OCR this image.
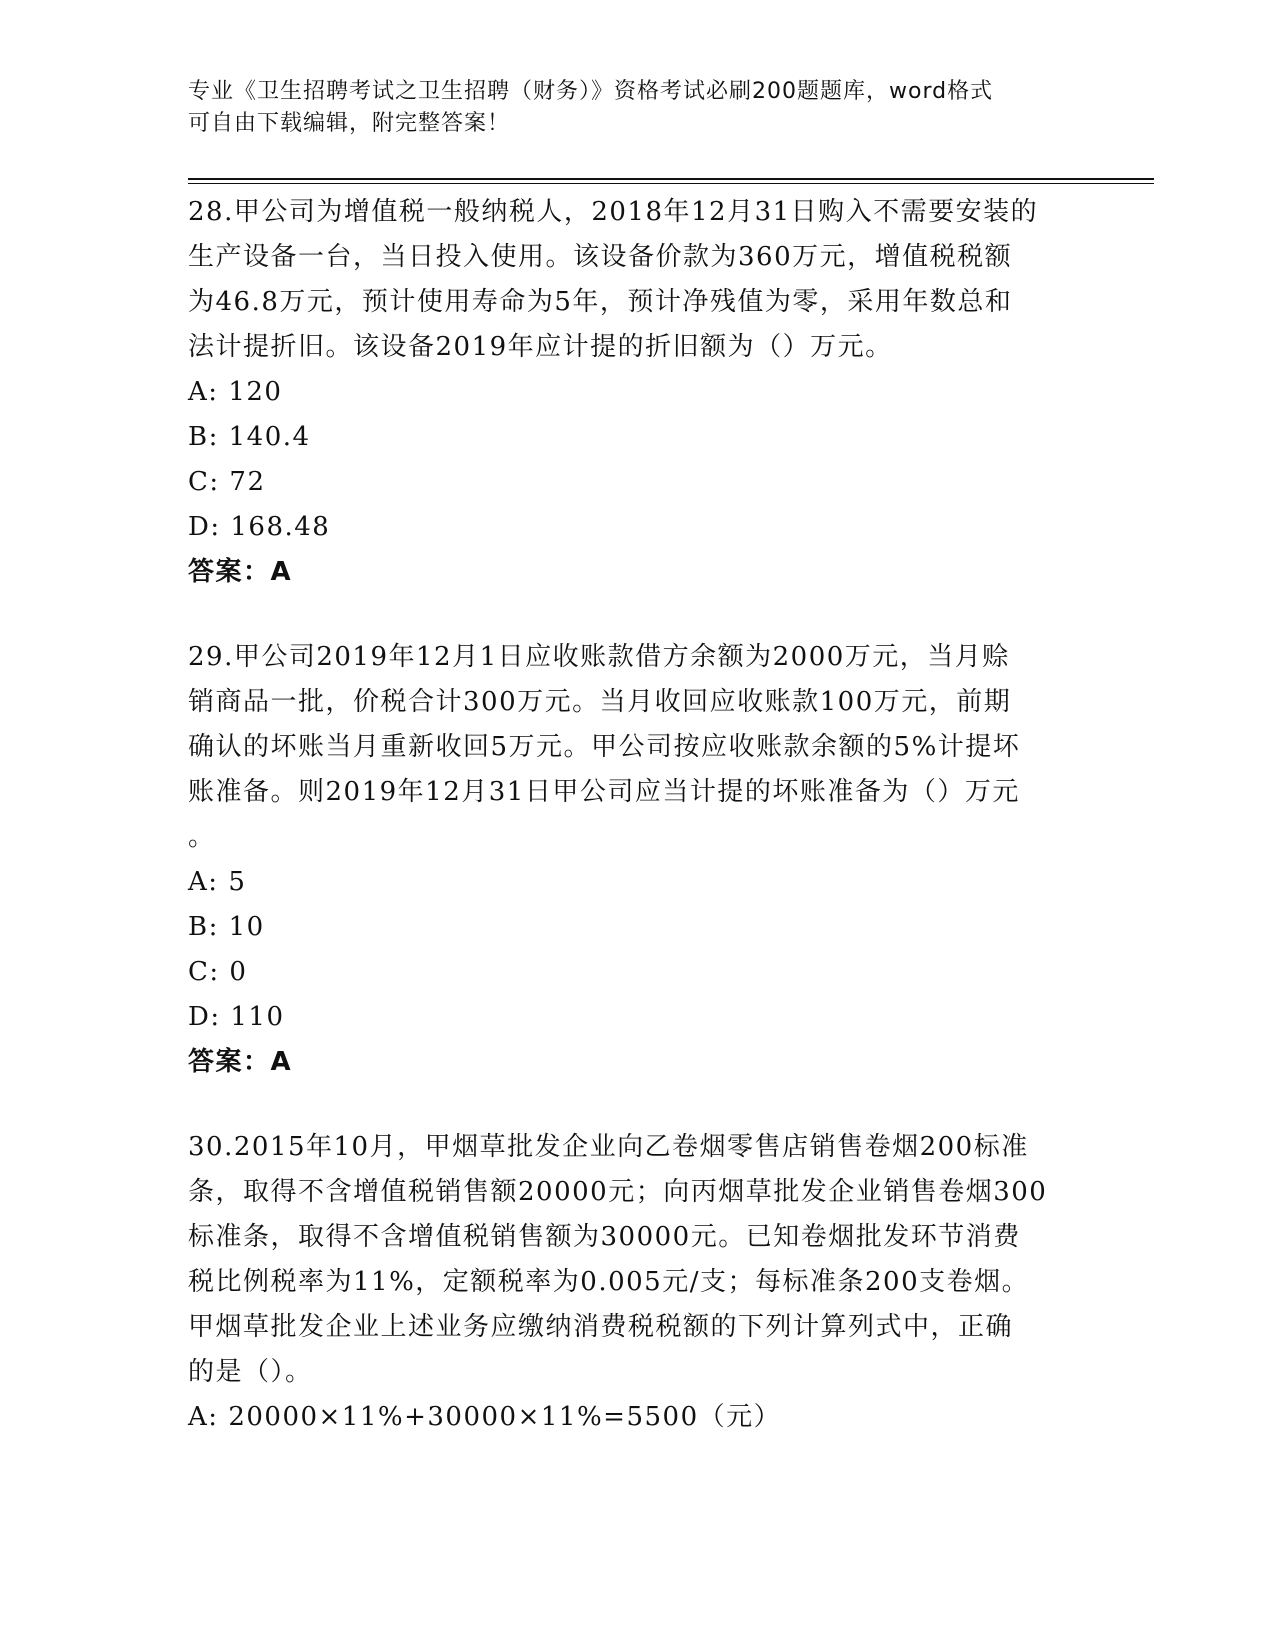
专业《卫生招聘考试之卫生招聘（财务）》资格考试必刷200题题库，word格式

可自由下载编辑，附完整答案！

28.甲公司为增值税一般纳税人，2018年12月31日购入不需要安装的

生产设备一台，当日投入使用。该设备价款为360万元，增值税税额

为46.8万元，预计使用寿命为5年，预计净残值为零，采用年数总和

法计提折旧。该设备2019年应计提的折旧额为（）万元。

A: 120

B: 140.4

C: 72

D: 168.48

答案：A

29.甲公司2019年12月1日应收账款借方余额为2000万元，当月赊

销商品一批，价税合计300万元。当月收回应收账款100万元，前期

确认的坏账当月重新收回5万元。甲公司按应收账款余额的5%计提坏

账准备。则2019年12月31日甲公司应当计提的坏账准备为（）万元

。

A: 5

B: 10

C: 0

D: 110

答案：A

30.2015年10月，甲烟草批发企业向乙卷烟零售店销售卷烟200标准

条，取得不含增值税销售额20000元；向丙烟草批发企业销售卷烟300

标准条，取得不含增值税销售额为30000元。已知卷烟批发环节消费

税比例税率为11%，定额税率为0.005元/支；每标准条200支卷烟。

甲烟草批发企业上述业务应缴纳消费税税额的下列计算列式中，正确

的是（）。

A: 20000×11%+30000×11%=5500（元）
